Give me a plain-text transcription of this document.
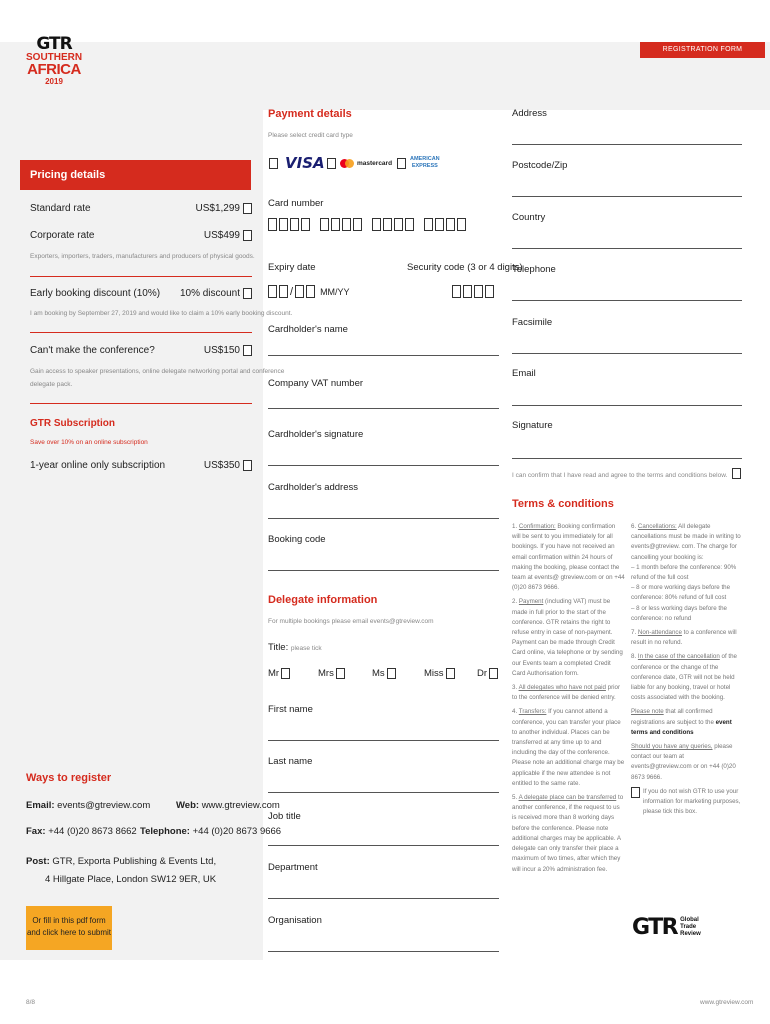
REGISTRATION FORM
GTR
SOUTHERN
AFRICA
2019
Pricing details
Standard rate	US$1,299
Corporate rate	US$499
Exporters, importers, traders, manufacturers and producers of physical goods.
Early booking discount (10%) 10% discount
I am booking by September 27, 2019 and would like to claim a 10% early booking discount.
Can't make the conference?	US$150
Gain access to speaker presentations, online delegate networking portal and conference
delegate pack.
GTR Subscription
Save over 10% on an online subscription
1-year online only subscription	US$350
Ways to register
Email: events@gtreview.com	Web: www.gtreview.com
Fax: +44 (0)20 8673 8662 Telephone: +44 (0)20 8673 9666
Post: GTR, Exporta Publishing & Events Ltd,
4 Hillgate Place, London SW12 9ER, UK
Or fill in this pdf form
and click here to submit
Payment details
Please select credit card type
VISA	mastercard
AMERICAN
EXPRESS
Card number
Expiry date	Security code (3 or 4 digits)
/	MM/YY
Cardholder's name
Company VAT number
Cardholder's signature
Cardholder's address
Booking code
Delegate information
For multiple bookings please email events@gtreview.com
Title: please tick
Mr	Mrs	Ms	Miss	Dr
First name
Last name
Job title
Department
Organisation
Address
Postcode/Zip
Country
Telephone
Facsimile
Email
Signature
I can confirm that I have read and agree to the terms and conditions below.
Terms & conditions
1. Confirmation: Booking confirmation will be sent to you immediately for all bookings. If you have not received an email confirmation within 24 hours of making the booking, please contact the team at events@ gtreview.com or on +44 (0)20 8673 9666.
2. Payment (including VAT) must be made in full prior to the start of the conference. GTR retains the right to refuse entry in case of non-payment. Payment can be made through Credit Card online, via telephone or by sending our Events team a completed Credit Card Authorisation form.
3. All delegates who have not paid prior to the conference will be denied entry.
4. Transfers: If you cannot attend a conference, you can transfer your place to another individual. Places can be transferred at any time up to and including the day of the conference. Please note an additional charge may be applicable if the new attendee is not entitled to the same rate.
5. A delegate place can be transferred to another conference, if the request to us is received more than 8 working days before the conference. Please note additional charges may be applicable. A delegate can only transfer their place a maximum of two times, after which they will incur a 20% administration fee.
6. Cancellations: All delegate cancellations must be made in writing to events@gtreview. com. The charge for cancelling your booking is:
– 1 month before the conference: 90% refund of the full cost
– 8 or more working days before the conference: 80% refund of full cost
– 8 or less working days before the conference: no refund
7. Non-attendance to a conference will result in no refund.
8. In the case of the cancellation of the conference or the change of the conference date, GTR will not be held liable for any booking, travel or hotel costs associated with the booking.
Please note that all confirmed registrations are subject to the event terms and conditions
Should you have any queries, please contact our team at events@gtreview.com or on +44 (0)20 8673 9666.
If you do not wish GTR to use your information for marketing purposes, please tick this box.
GTR Global
Trade
Review
8/8	www.gtreview.com
